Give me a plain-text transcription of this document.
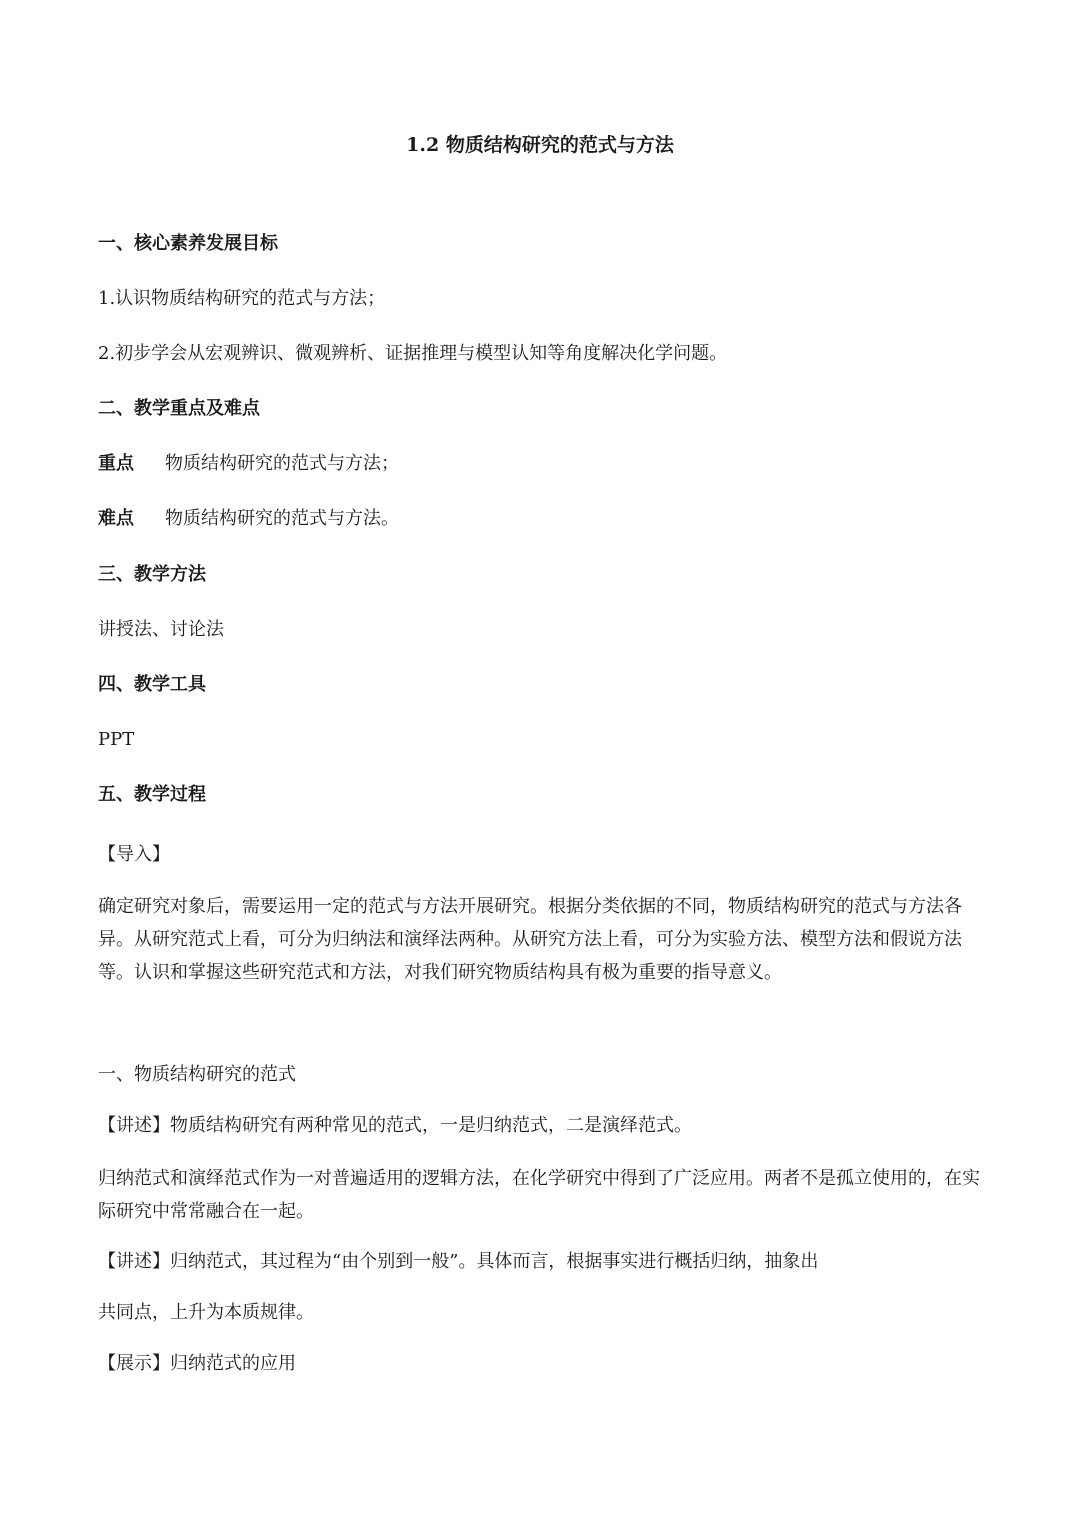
1.2 物质结构研究的范式与方法

一、核心素养发展目标

1.认识物质结构研究的范式与方法；

2.初步学会从宏观辨识、微观辨析、证据推理与模型认知等角度解决化学问题。

二、教学重点及难点

重点 物质结构研究的范式与方法；

难点 物质结构研究的范式与方法。

三、教学方法

讲授法、讨论法

四、教学工具

PPT

五、教学过程

【导入】

确定研究对象后，需要运用一定的范式与方法开展研究。根据分类依据的不同，物质结构研究的范式与方法各异。从研究范式上看，可分为归纳法和演绎法两种。从研究方法上看，可分为实验方法、模型方法和假说方法等。认识和掌握这些研究范式和方法，对我们研究物质结构具有极为重要的指导意义。

一、物质结构研究的范式

【讲述】物质结构研究有两种常见的范式，一是归纳范式，二是演绎范式。

归纳范式和演绎范式作为一对普遍适用的逻辑方法，在化学研究中得到了广泛应用。两者不是孤立使用的，在实际研究中常常融合在一起。

【讲述】归纳范式，其过程为“由个别到一般”。具体而言，根据事实进行概括归纳，抽象出

共同点，上升为本质规律。

【展示】归纳范式的应用
